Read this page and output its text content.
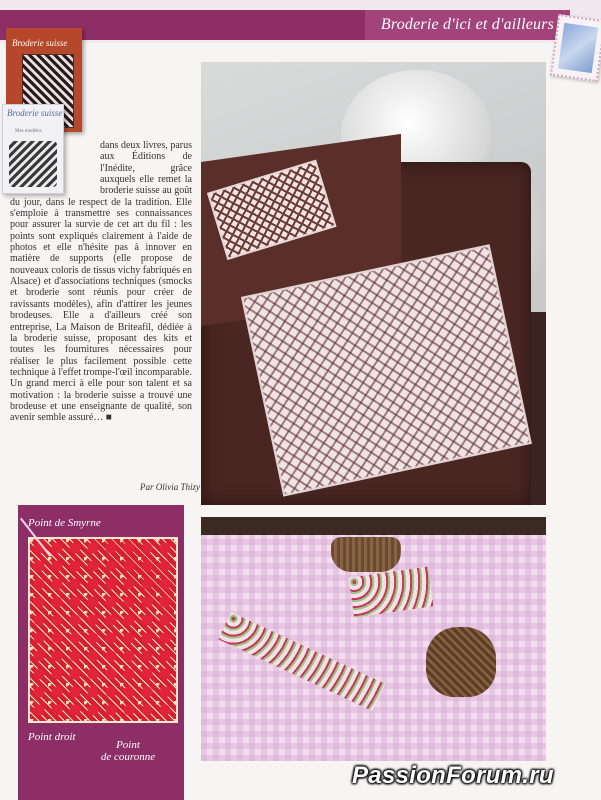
Broderie d'ici et d'ailleurs
Broderie suisse
Broderie suisse
Mes modèles

dans deux livres, parus aux Éditions de l'Inédite, grâce auxquels elle remet la broderie suisse au goût du jour, dans le respect de la tradition. Elle s'emploie à transmettre ses connaissances pour assurer la survie de cet art du fil : les points sont expliqués clairement à l'aide de photos et elle n'hésite pas à innover en matière de supports (elle propose de nouveaux coloris de tissus vichy fabriqués en Alsace) et d'associations techniques (smocks et broderie sont réunis pour créer de ravissants modèles), afin d'attirer les jeunes brodeuses. Elle a d'ailleurs créé son entreprise, La Maison de Briteafil, dédiée à la broderie suisse, proposant des kits et toutes les fournitures nécessaires pour réaliser le plus facilement possible cette technique à l'effet trompe-l'œil incomparable. Un grand merci à elle pour son talent et sa motivation : la broderie suisse a trouvé une brodeuse et une enseignante de qualité, son avenir semble assuré… ■

Par Olivia Thizy
Point de Smyrne
Point droit
Point
de couronne
PassionForum.ru
